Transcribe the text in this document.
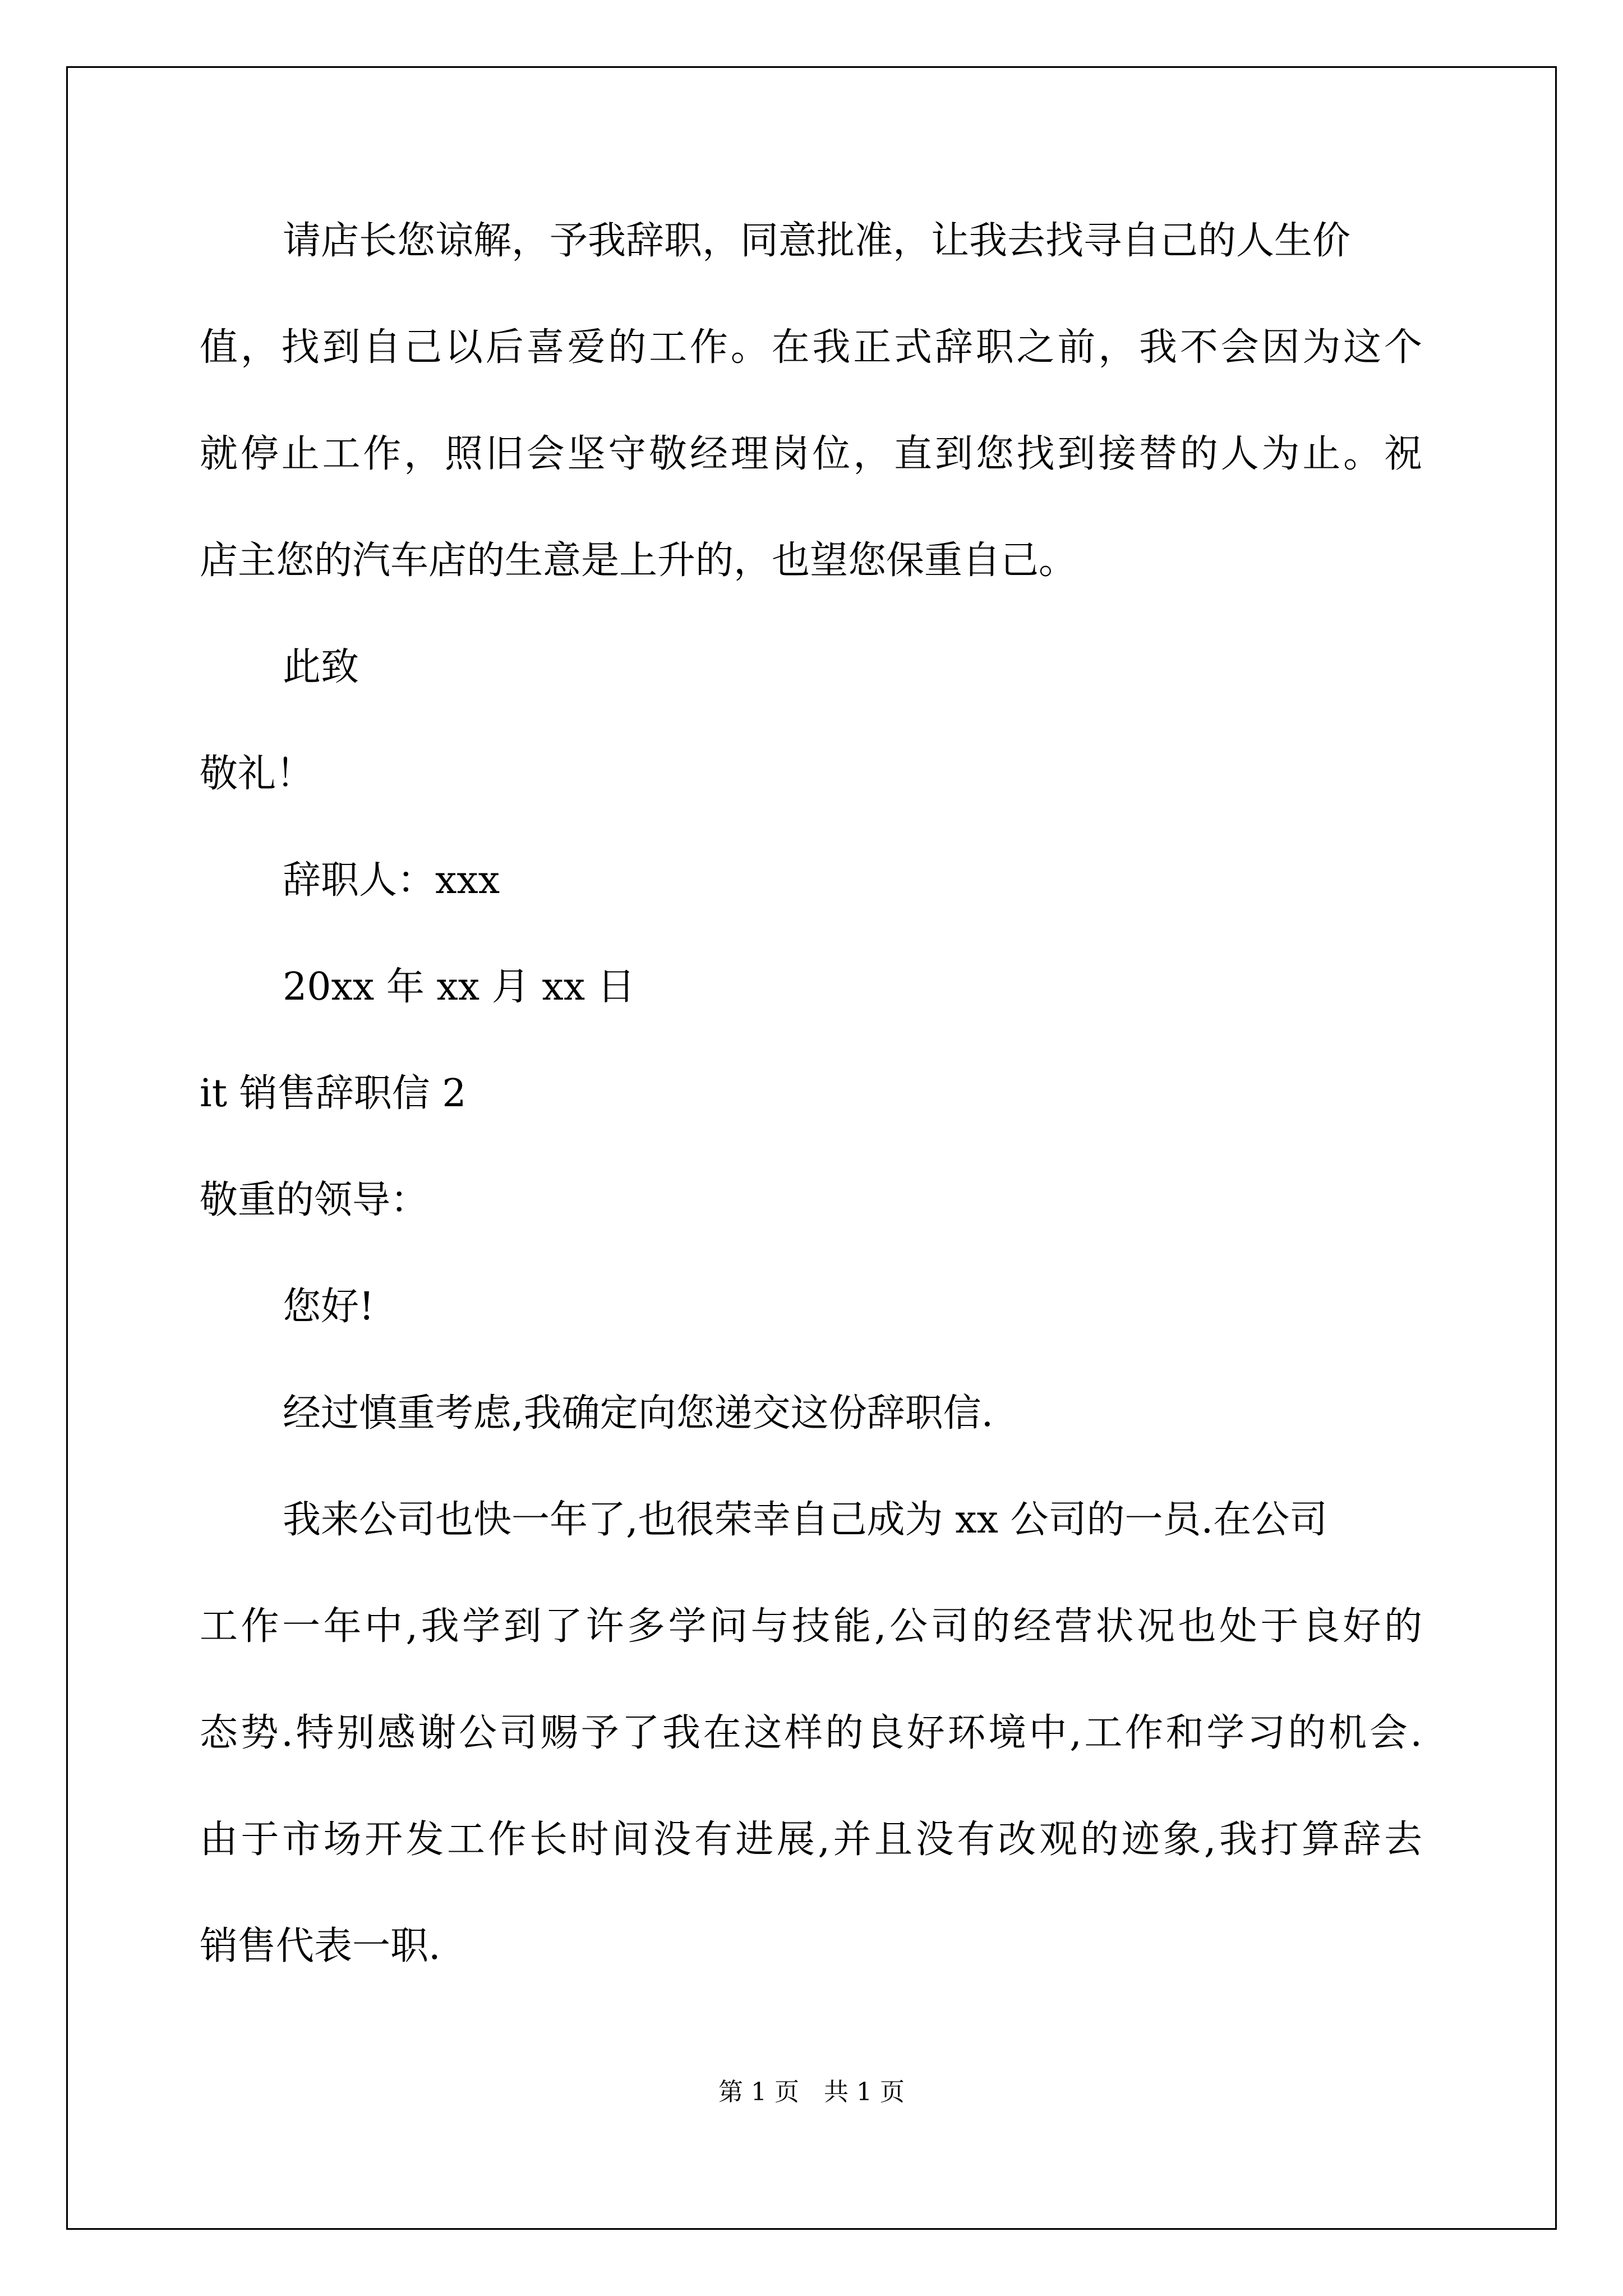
请店长您谅解，予我辞职，同意批准，让我去找寻自己的人生价
值，找到自己以后喜爱的工作。在我正式辞职之前，我不会因为这个
就停止工作，照旧会坚守敬经理岗位，直到您找到接替的人为止。祝
店主您的汽车店的生意是上升的，也望您保重自己。
此致
敬礼！
辞职人：xxx
20xx 年 xx 月 xx 日
it 销售辞职信 2
敬重的领导：
您好!
经过慎重考虑,我确定向您递交这份辞职信.
我来公司也快一年了,也很荣幸自己成为 xx 公司的一员.在公司
工作一年中,我学到了许多学问与技能,公司的经营状况也处于良好的
态势.特别感谢公司赐予了我在这样的良好环境中,工作和学习的机会.
由于市场开发工作长时间没有进展,并且没有改观的迹象,我打算辞去
销售代表一职.
第 1 页　共 1 页
